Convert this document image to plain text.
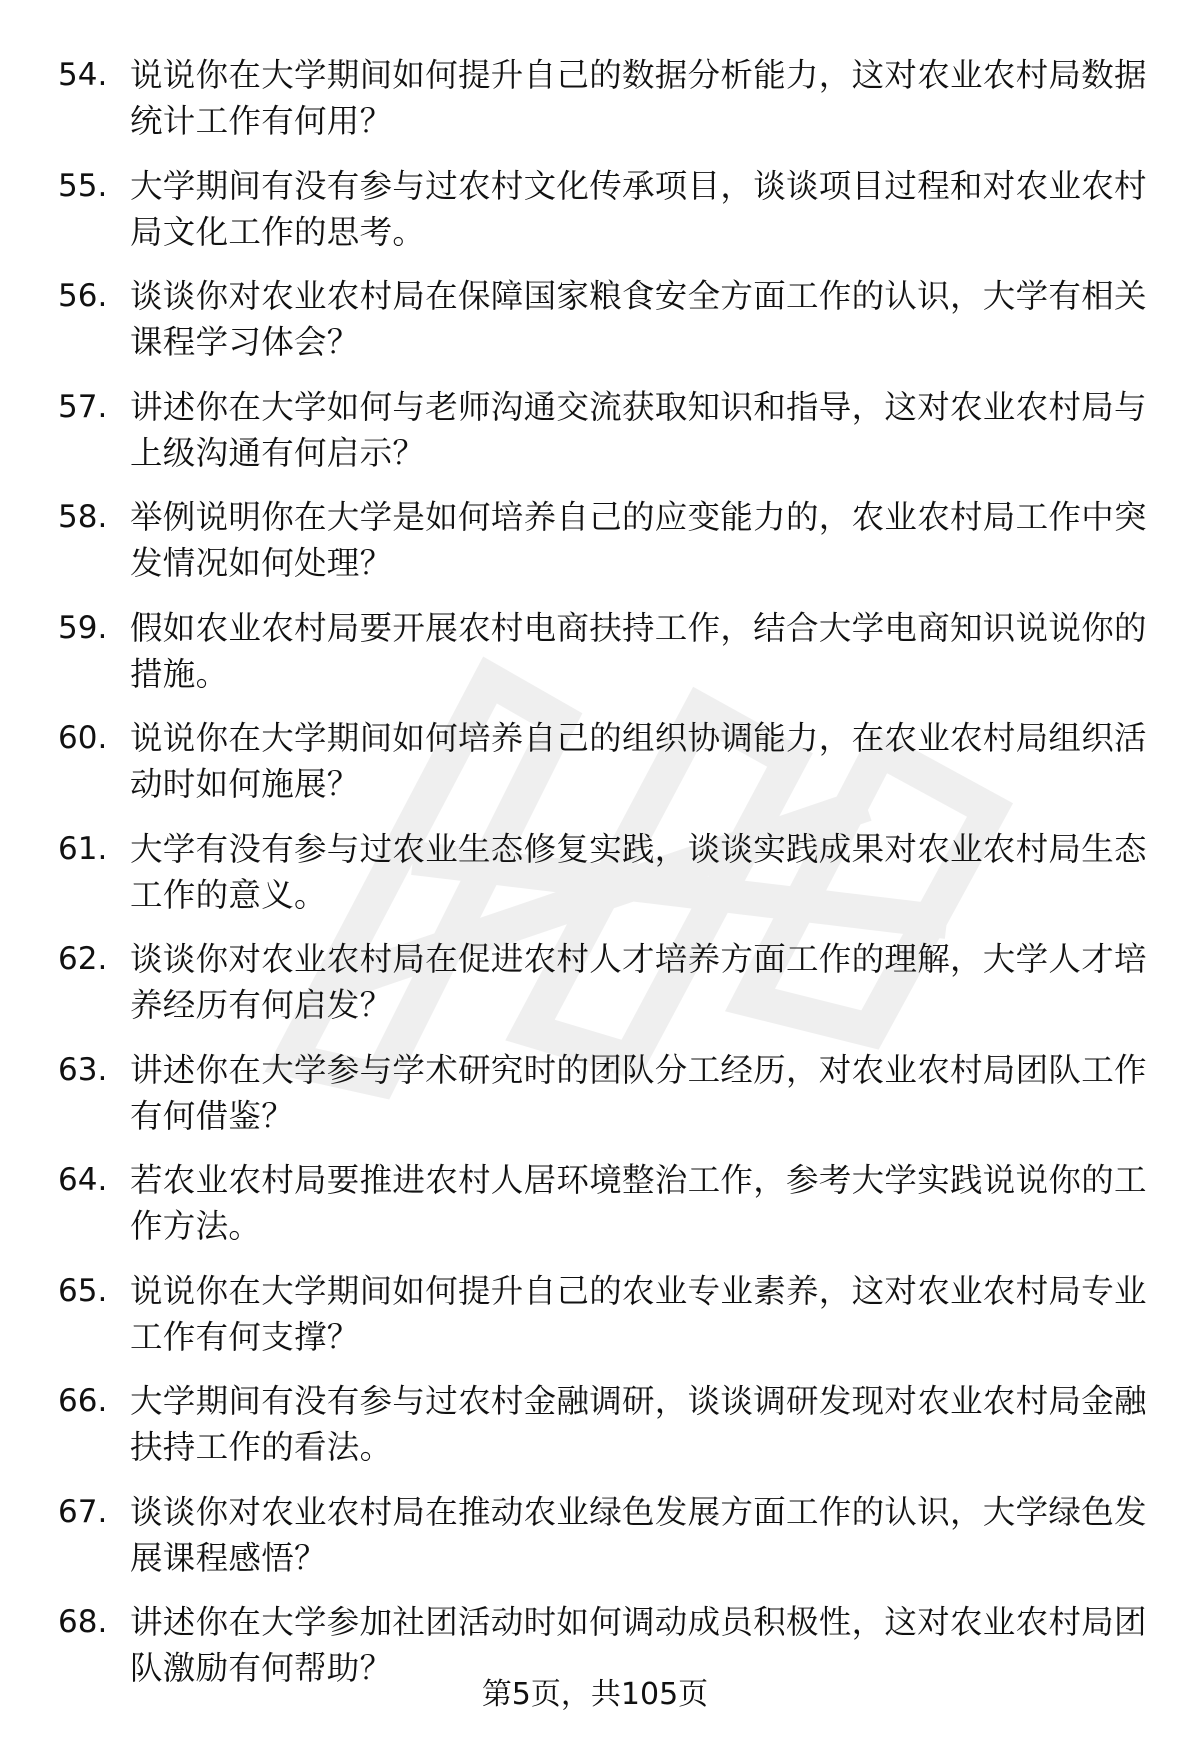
54. 说说你在大学期间如何提升自己的数据分析能力，这对农业农村局数据统计工作有何用？
55. 大学期间有没有参与过农村文化传承项目，谈谈项目过程和对农业农村局文化工作的思考。
56. 谈谈你对农业农村局在保障国家粮食安全方面工作的认识，大学有相关课程学习体会？
57. 讲述你在大学如何与老师沟通交流获取知识和指导，这对农业农村局与上级沟通有何启示？
58. 举例说明你在大学是如何培养自己的应变能力的，农业农村局工作中突发情况如何处理？
59. 假如农业农村局要开展农村电商扶持工作，结合大学电商知识说说你的措施。
60. 说说你在大学期间如何培养自己的组织协调能力，在农业农村局组织活动时如何施展？
61. 大学有没有参与过农业生态修复实践，谈谈实践成果对农业农村局生态工作的意义。
62. 谈谈你对农业农村局在促进农村人才培养方面工作的理解，大学人才培养经历有何启发？
63. 讲述你在大学参与学术研究时的团队分工经历，对农业农村局团队工作有何借鉴？
64. 若农业农村局要推进农村人居环境整治工作，参考大学实践说说你的工作方法。
65. 说说你在大学期间如何提升自己的农业专业素养，这对农业农村局专业工作有何支撑？
66. 大学期间有没有参与过农村金融调研，谈谈调研发现对农业农村局金融扶持工作的看法。
67. 谈谈你对农业农村局在推动农业绿色发展方面工作的认识，大学绿色发展课程感悟？
68. 讲述你在大学参加社团活动时如何调动成员积极性，这对农业农村局团队激励有何帮助？
第5页，共105页
